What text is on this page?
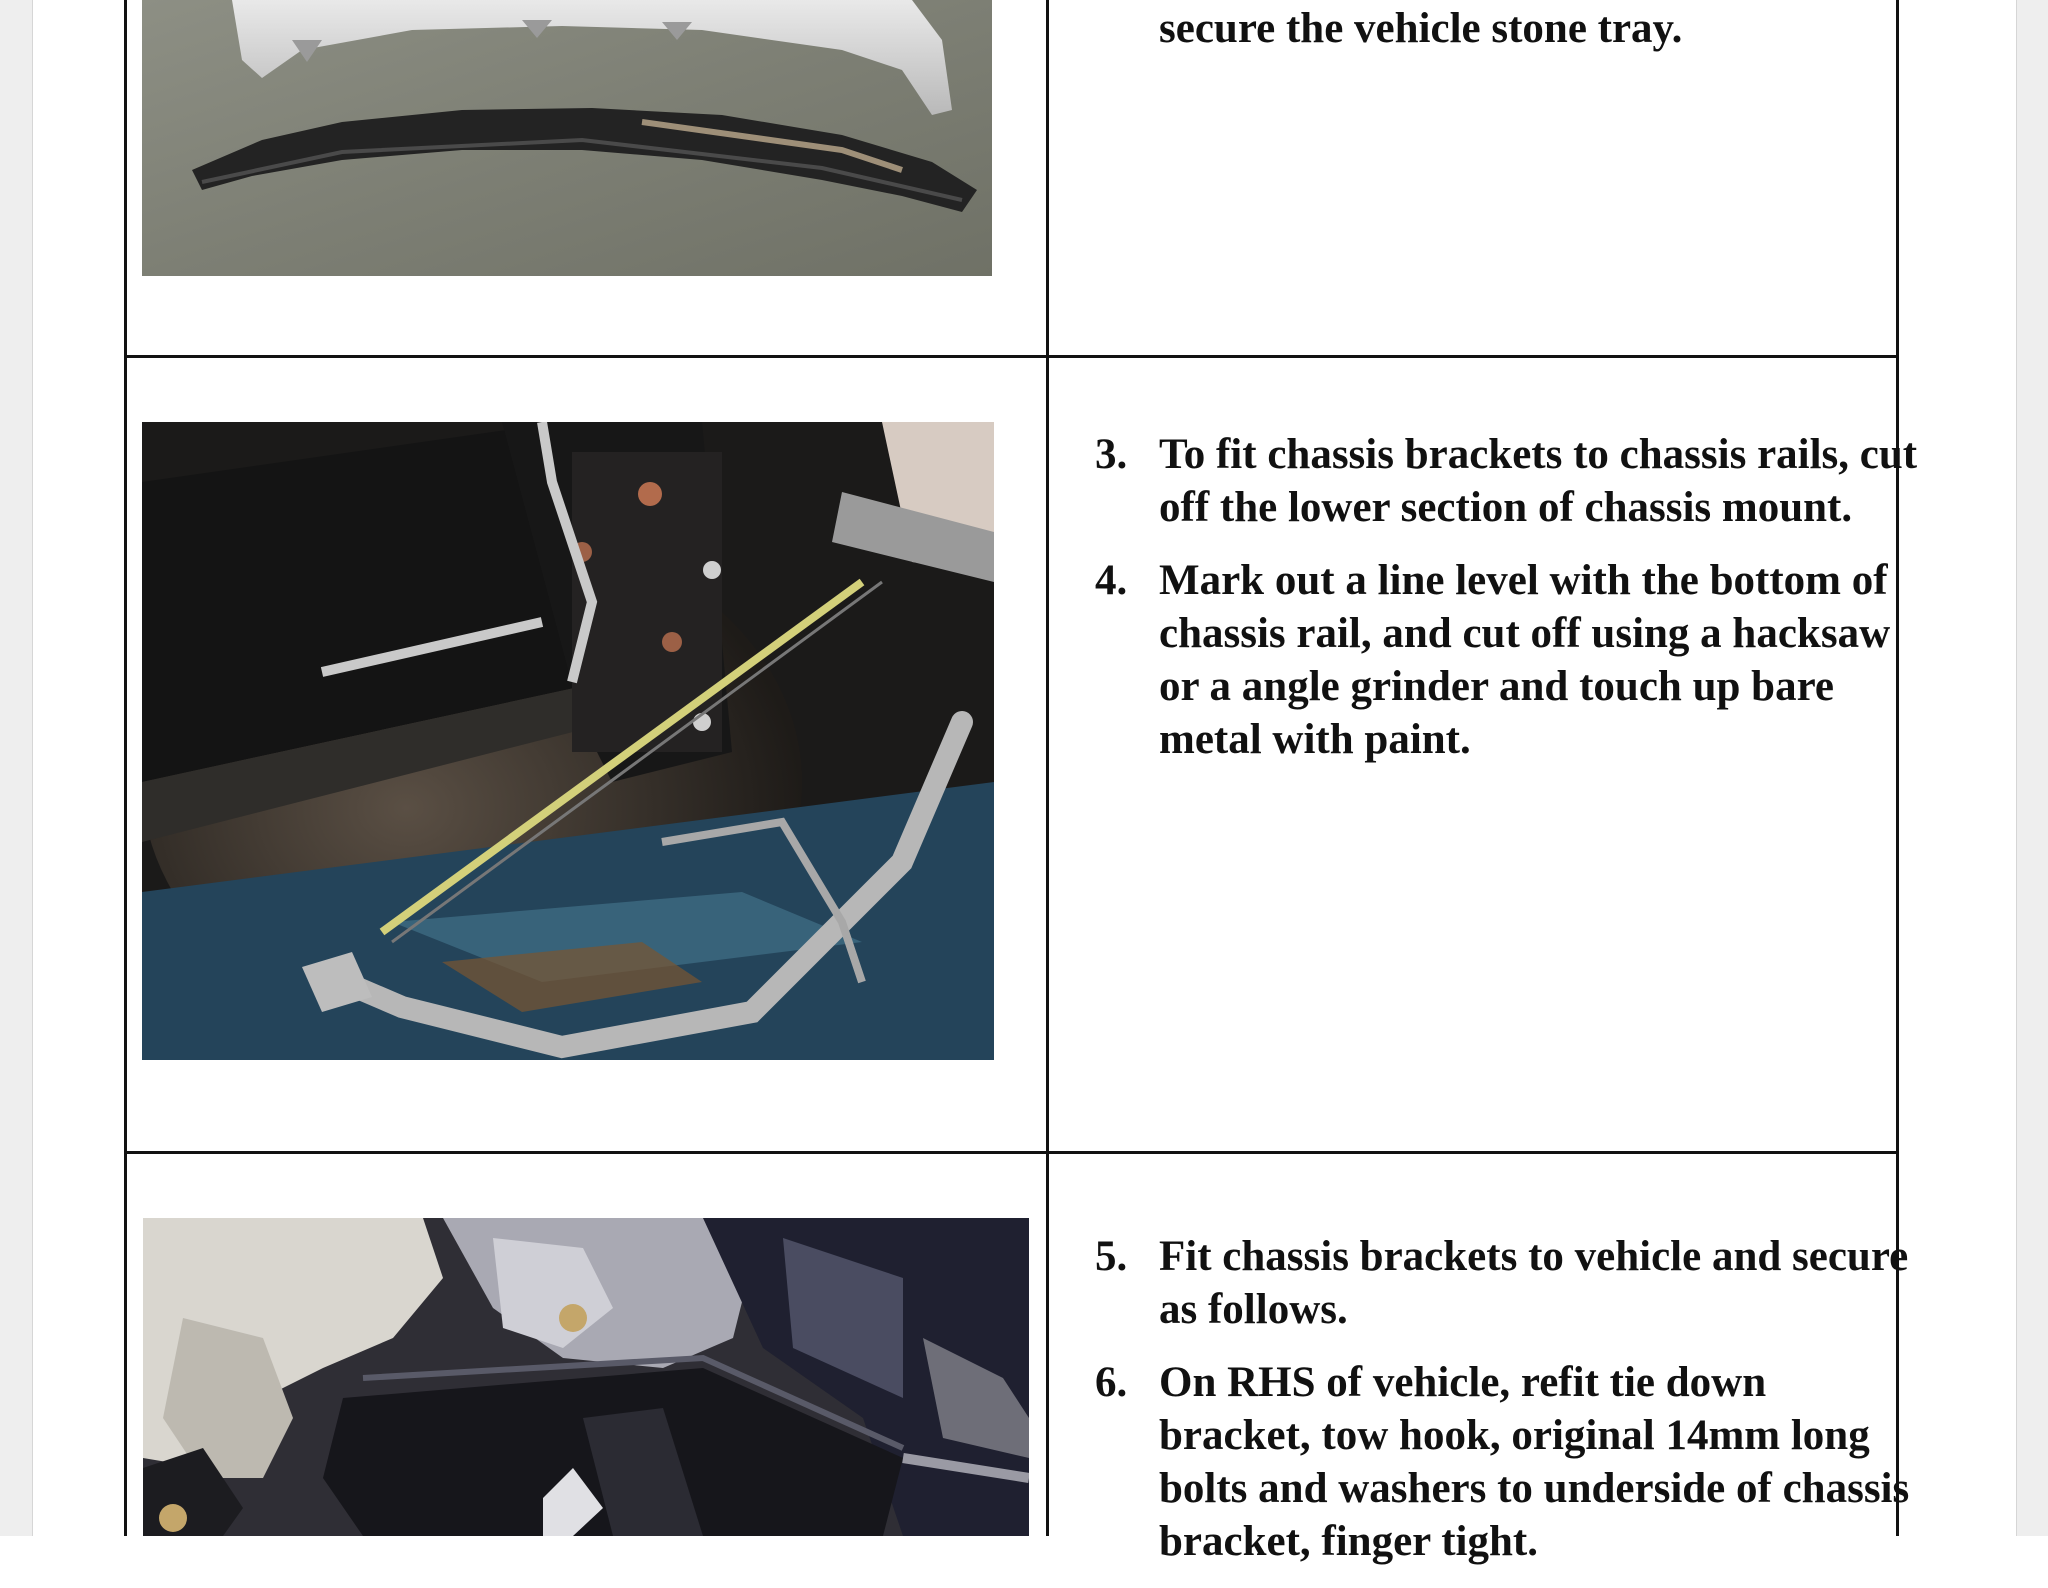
secure the vehicle stone tray.
3. To fit chassis brackets to chassis rails, cut off the lower section of chassis mount.
4. Mark out a line level with the bottom of chassis rail, and cut off using a hacksaw or a angle grinder and touch up bare metal with paint.
5. Fit chassis brackets to vehicle and secure as follows.
6. On RHS of vehicle, refit tie down bracket, tow hook, original 14mm long bolts and washers to underside of chassis bracket, finger tight.
